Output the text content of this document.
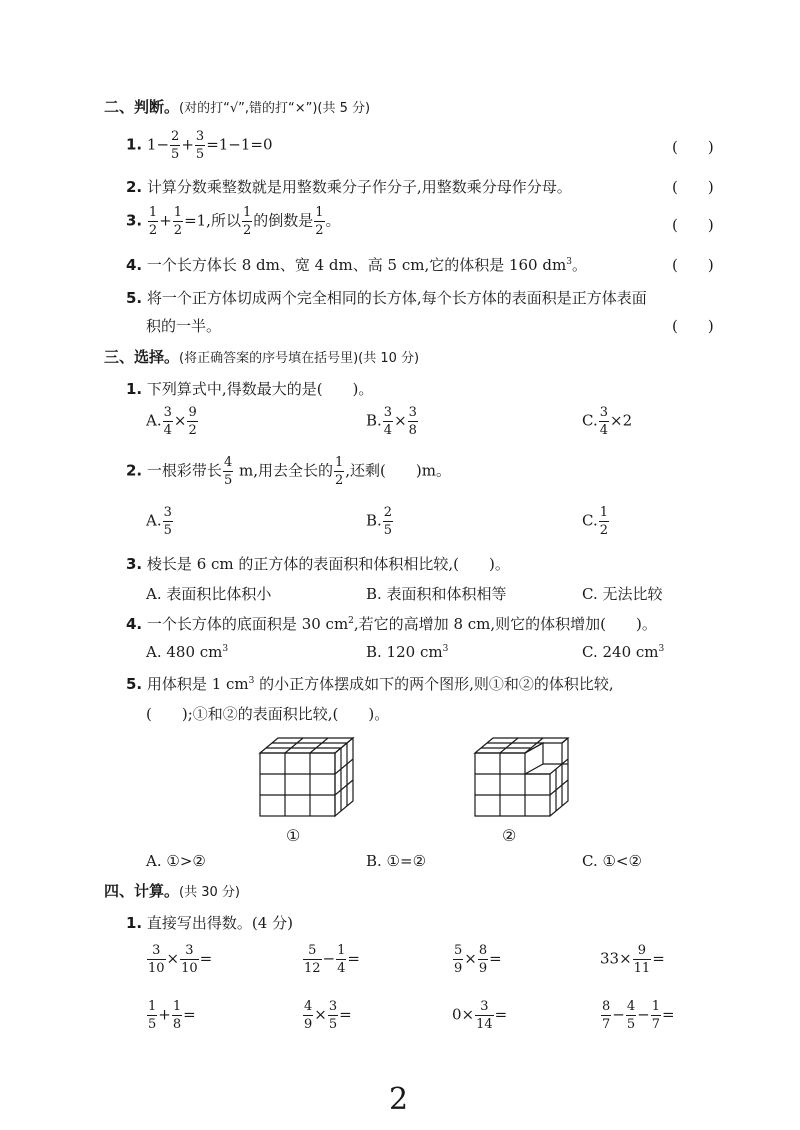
二、判断。(对的打“√”,错的打“×”)(共 5 分)
1. $1- \frac{2}{5} + \frac{3}{5} =1-1=0$	(　　)
2. 计算分数乘整数就是用整数乘分子作分子,用整数乘分母作分母。	(　　)
3. $\frac{1}{2} + \frac{1}{2} =1$,所以 $\frac{1}{2}$ 的倒数是 $\frac{1}{2}$ 。	(　　)
4. 一个长方体长 8 dm、宽 4 dm、高 5 cm,它的体积是 160 $dm^3$。	(　　)
5. 将一个正方体切成两个完全相同的长方体,每个长方体的表面积是正方体表面
积的一半。	(　　)
三、选择。(将正确答案的序号填在括号里)(共 10 分)
1. 下列算式中,得数最大的是(　　)。
A. $\frac{3}{4} \times \frac{9}{2}$	B. $\frac{3}{4} \times \frac{3}{8}$	C. $\frac{3}{4} \times 2$
2. 一根彩带长 $\frac{4}{5} m$,用去全长的 $\frac{1}{2}$ ,还剩(　　)m。
A. $\frac{3}{5}$	B. $\frac{2}{5}$	C. $\frac{1}{2}$
3. 棱长是 6 cm 的正方体的表面积和体积相比较,(　　)。
A. 表面积比体积小	B. 表面积和体积相等	C. 无法比较
4. 一个长方体的底面积是 30 $cm^2$,若它的高增加 8 cm,则它的体积增加(　　)。
A. 480 $cm^3$	B. 120 $cm^3$	C. 240 $cm^3$
5. 用体积是 1 $cm^3$ 的小正方体摆成如下的两个图形,则①和②的体积比较,
(　　);①和②的表面积比较,(　　)。
①	②
A. ①>②	B. ①=②	C. ①<②
四、计算。(共 30 分)
1. 直接写出得数。(4 分)
$\frac{3}{10} \times \frac{3}{10}$ =	$\frac{5}{12} - \frac{1}{4}$ =	$\frac{5}{9} \times \frac{8}{9}$ =	$33\times \frac{9}{11}$ =
$\frac{1}{5} + \frac{1}{8}$ =	$\frac{4}{9} \times \frac{3}{5}$ =	$0\times \frac{3}{14}$ =	$\frac{8}{7} - \frac{4}{5} - \frac{1}{7}$ =
2
